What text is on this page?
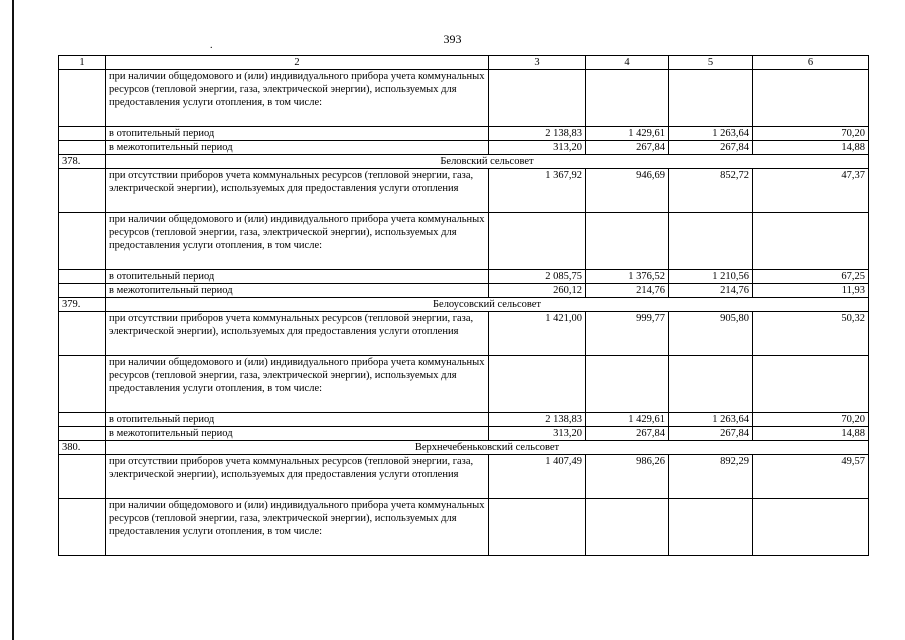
393
.
1	2	3	4	5	6
	при наличии общедомового и (или) индивидуального прибора учета коммунальных ресурсов (тепловой энергии, газа, электрической энергии), используемых для предоставления услуги отопления, в том числе:				
	в отопительный период	2 138,83	1 429,61	1 263,64	70,20
	в межотопительный период	313,20	267,84	267,84	14,88
378.	Беловский сельсовет				
	при отсутствии приборов учета коммунальных ресурсов (тепловой энергии, газа, электрической энергии), используемых для предоставления услуги отопления	1 367,92	946,69	852,72	47,37
	при наличии общедомового и (или) индивидуального прибора учета коммунальных ресурсов (тепловой энергии, газа, электрической энергии), используемых для предоставления услуги отопления, в том числе:				
	в отопительный период	2 085,75	1 376,52	1 210,56	67,25
	в межотопительный период	260,12	214,76	214,76	11,93
379.	Белоусовский сельсовет				
	при отсутствии приборов учета коммунальных ресурсов (тепловой энергии, газа, электрической энергии), используемых для предоставления услуги отопления	1 421,00	999,77	905,80	50,32
	при наличии общедомового и (или) индивидуального прибора учета коммунальных ресурсов (тепловой энергии, газа, электрической энергии), используемых для предоставления услуги отопления, в том числе:				
	в отопительный период	2 138,83	1 429,61	1 263,64	70,20
	в межотопительный период	313,20	267,84	267,84	14,88
380.	Верхнечебеньковский сельсовет				
	при отсутствии приборов учета коммунальных ресурсов (тепловой энергии, газа, электрической энергии), используемых для предоставления услуги отопления	1 407,49	986,26	892,29	49,57
	при наличии общедомового и (или) индивидуального прибора учета коммунальных ресурсов (тепловой энергии, газа, электрической энергии), используемых для предоставления услуги отопления, в том числе:				
